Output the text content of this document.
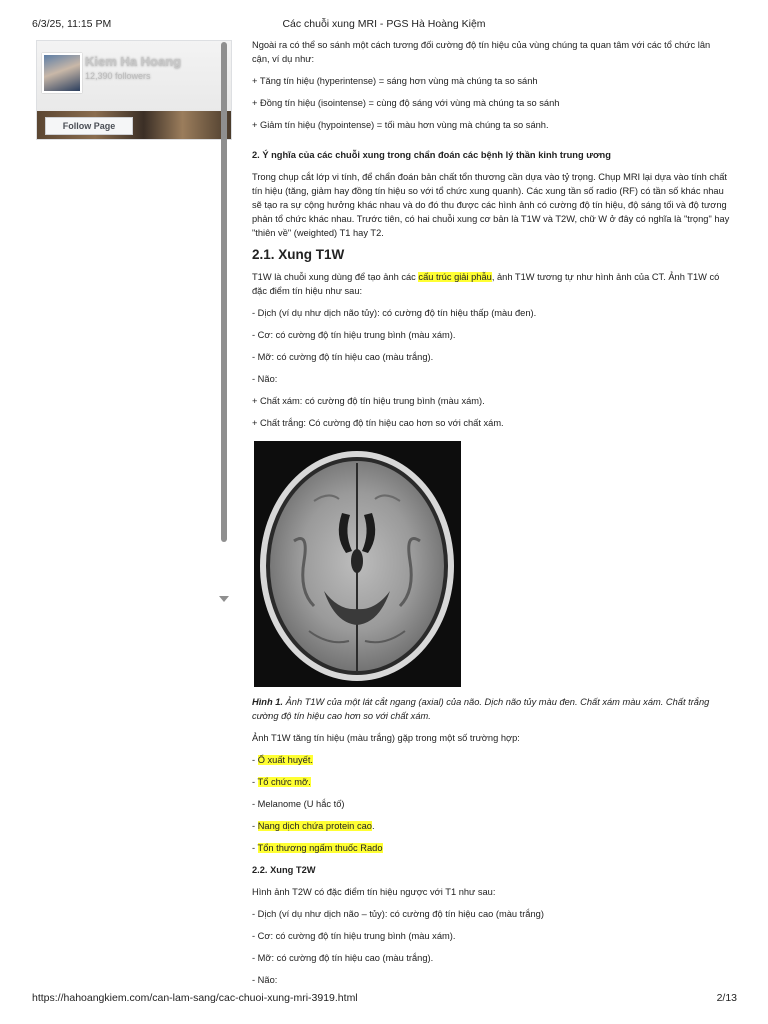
6/3/25, 11:15 PM	Các chuỗi xung MRI - PGS Hà Hoàng Kiệm
Kiem Ha Hoang
12,390 followers
Follow Page

Ngoài ra có thể so sánh một cách tương đối cường độ tín hiệu của vùng chúng ta quan tâm với các tổ chức lân cận, ví dụ như:

+ Tăng tín hiệu (hyperintense) = sáng hơn vùng mà chúng ta so sánh

+ Đồng tín hiệu (isointense) = cùng độ sáng với vùng mà chúng ta so sánh

+ Giảm tín hiệu (hypointense) = tối màu hơn vùng mà chúng ta so sánh.

2. Ý nghĩa của các chuỗi xung trong chẩn đoán các bệnh lý thần kinh trung ương

Trong chụp cắt lớp vi tính, để chẩn đoán bản chất tổn thương cần dựa vào tỷ trọng. Chụp MRI lại dựa vào tính chất tín hiệu (tăng, giảm hay đồng tín hiệu so với tổ chức xung quanh). Các xung tần số radio (RF) có tần số khác nhau sẽ tạo ra sự cộng hưởng khác nhau và do đó thu được các hình ảnh có cường độ tín hiệu, độ sáng tối và độ tương phản tổ chức khác nhau. Trước tiên, có hai chuỗi xung cơ bản là T1W và T2W, chữ W ở đây có nghĩa là "trọng" hay "thiên về" (weighted) T1 hay T2.

2.1. Xung T1W

T1W là chuỗi xung dùng để tạo ảnh các cấu trúc giải phẫu, ảnh T1W tương tự như hình ảnh của CT. Ảnh T1W có đặc điểm tín hiệu như sau:

- Dịch (ví dụ như dịch não tủy): có cường độ tín hiệu thấp (màu đen).

- Cơ: có cường độ tín hiệu trung bình (màu xám).

- Mỡ: có cường độ tín hiệu cao (màu trắng).

- Não:

+ Chất xám: có cường độ tín hiệu trung bình (màu xám).

+ Chất trắng: Có cường độ tín hiệu cao hơn so với chất xám.

Hình 1. Ảnh T1W của một lát cắt ngang (axial) của não. Dịch não tủy màu đen. Chất xám màu xám. Chất trắng cường độ tín hiệu cao hơn so với chất xám.

Ảnh T1W tăng tín hiệu (màu trắng) gặp trong một số trường hợp:

- Ổ xuất huyết.

- Tổ chức mỡ.

- Melanome (U hắc tố)

- Nang dịch chứa protein cao.

- Tổn thương ngấm thuốc Rado

2.2. Xung T2W

Hình ảnh T2W có đặc điểm tín hiệu ngược với T1 như sau:

- Dịch (ví dụ như dịch não – tủy): có cường độ tín hiệu cao (màu trắng)

- Cơ: có cường độ tín hiệu trung bình (màu xám).

- Mỡ: có cường độ tín hiệu cao (màu trắng).

- Não:

https://hahoangkiem.com/can-lam-sang/cac-chuoi-xung-mri-3919.html	2/13
